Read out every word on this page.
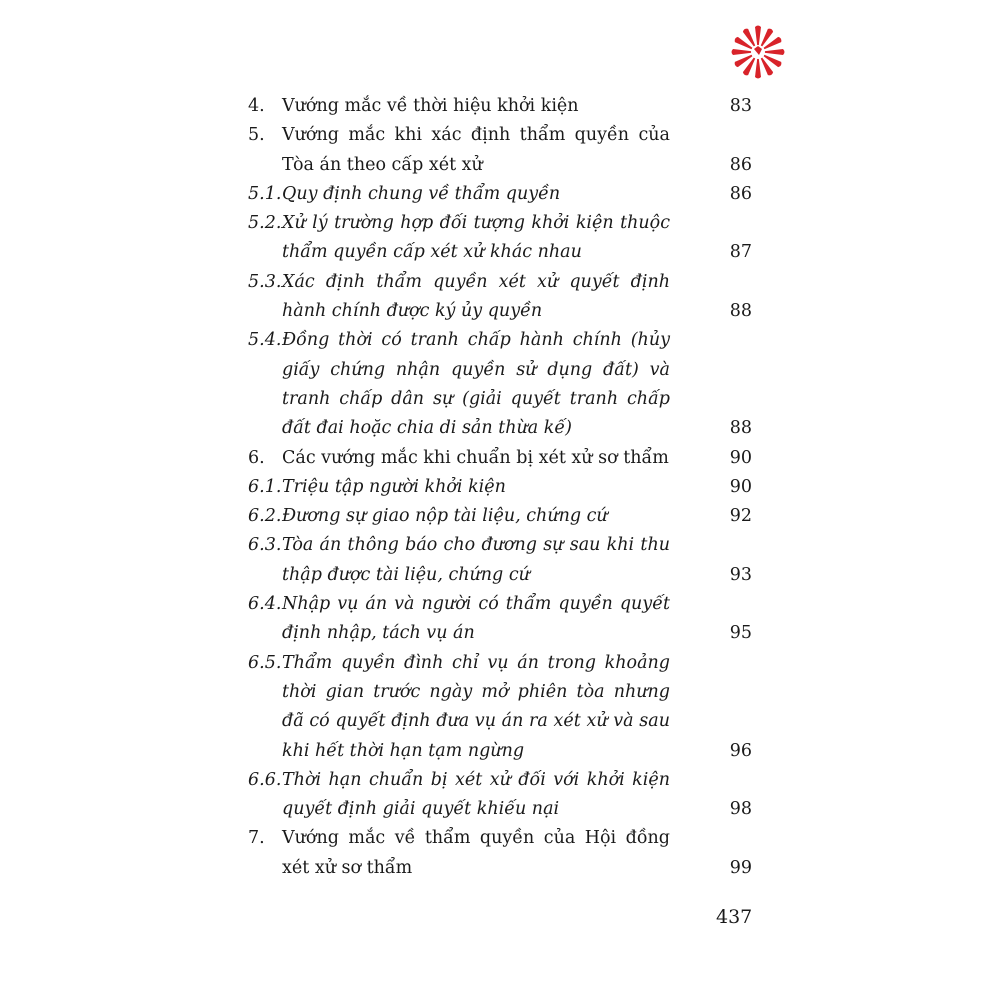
4. Vướng mắc về thời hiệu khởi kiện	83
5. Vướng mắc khi xác định thẩm quyền của Tòa án theo cấp xét xử	86
5.1. Quy định chung về thẩm quyền	86
5.2. Xử lý trường hợp đối tượng khởi kiện thuộc thẩm quyền cấp xét xử khác nhau	87
5.3. Xác định thẩm quyền xét xử quyết định hành chính được ký ủy quyền	88
5.4. Đồng thời có tranh chấp hành chính (hủy giấy chứng nhận quyền sử dụng đất) và tranh chấp dân sự (giải quyết tranh chấp đất đai hoặc chia di sản thừa kế)	88
6. Các vướng mắc khi chuẩn bị xét xử sơ thẩm	90
6.1. Triệu tập người khởi kiện	90
6.2. Đương sự giao nộp tài liệu, chứng cứ	92
6.3. Tòa án thông báo cho đương sự sau khi thu thập được tài liệu, chứng cứ	93
6.4. Nhập vụ án và người có thẩm quyền quyết định nhập, tách vụ án	95
6.5. Thẩm quyền đình chỉ vụ án trong khoảng thời gian trước ngày mở phiên tòa nhưng đã có quyết định đưa vụ án ra xét xử và sau khi hết thời hạn tạm ngừng	96
6.6. Thời hạn chuẩn bị xét xử đối với khởi kiện quyết định giải quyết khiếu nại	98
7. Vướng mắc về thẩm quyền của Hội đồng xét xử sơ thẩm	99
437
